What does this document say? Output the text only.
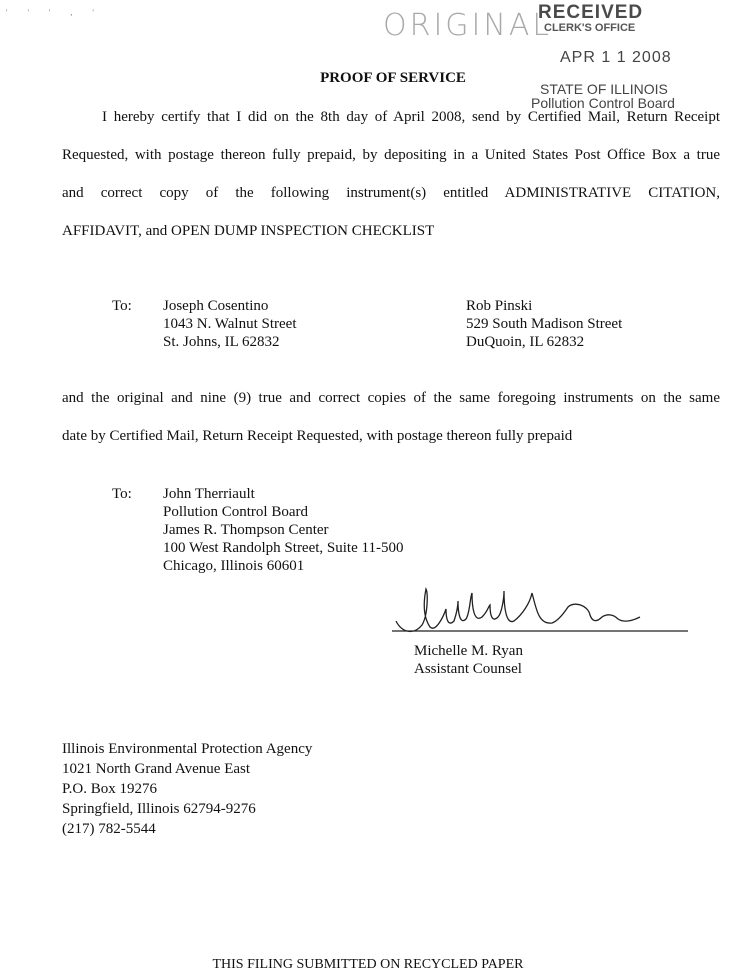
' ' ' , '	ORIGINAL
RECEIVED
CLERK'S OFFICE
APR 1 1 2008
STATE OF ILLINOIS
Pollution Control Board
PROOF OF SERVICE
I hereby certify that I did on the 8th day of April 2008, send by Certified Mail, Return Receipt
Requested, with postage thereon fully prepaid, by depositing in a United States Post Office Box a true
and correct copy of the following instrument(s) entitled ADMINISTRATIVE CITATION,
AFFIDAVIT, and OPEN DUMP INSPECTION CHECKLIST
To: Joseph Cosentino
1043 N. Walnut Street
St. Johns, IL 62832
Rob Pinski
529 South Madison Street
DuQuoin, IL 62832
and the original and nine (9) true and correct copies of the same foregoing instruments on the same
date by Certified Mail, Return Receipt Requested, with postage thereon fully prepaid
To: John Therriault
Pollution Control Board
James R. Thompson Center
100 West Randolph Street, Suite 11-500
Chicago, Illinois 60601
Michelle M. Ryan
Michelle M. Ryan
Assistant Counsel
Illinois Environmental Protection Agency
1021 North Grand Avenue East
P.O. Box 19276
Springfield, Illinois 62794-9276
(217) 782-5544
THIS FILING SUBMITTED ON RECYCLED PAPER
